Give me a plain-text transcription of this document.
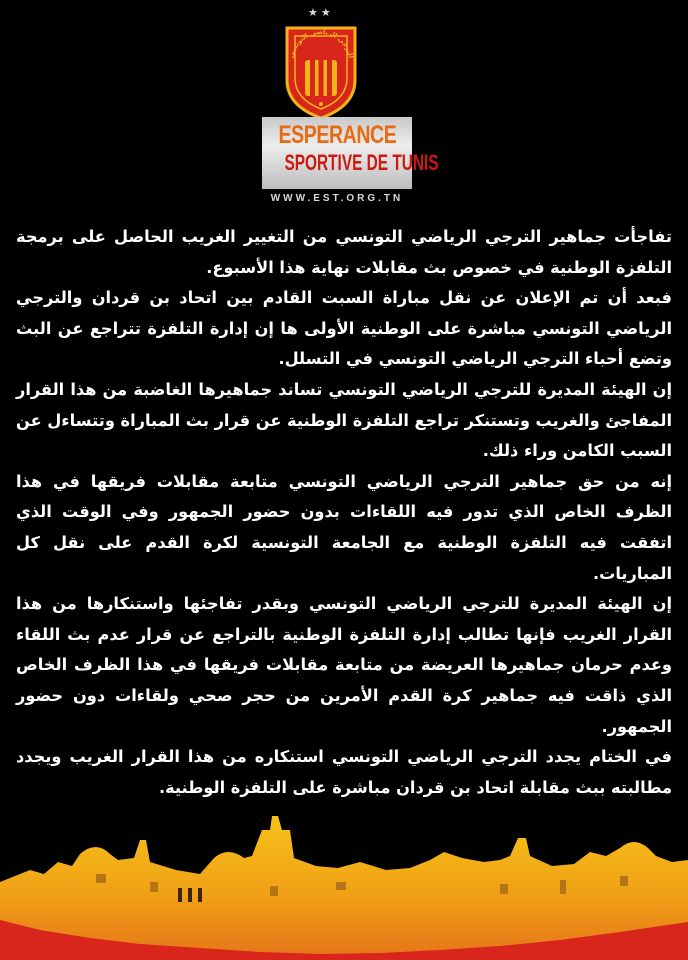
★★
الترجي الرياضي التونسي
ESPERANCE
SPORTIVE DE TUNIS
WWW.EST.ORG.TN

تفاجأت جماهير الترجي الرياضي التونسي من التغيير الغريب الحاصل على برمجة التلفزة الوطنية في خصوص بث مقابلات نهاية هذا الأسبوع.

فبعد أن تم الإعلان عن نقل مباراة السبت القادم بين اتحاد بن قردان والترجي الرياضي التونسي مباشرة على الوطنية الأولى ها إن إدارة التلفزة تتراجع عن البث وتضع أحباء الترجي الرياضي التونسي في التسلل.

إن الهيئة المديرة للترجي الرياضي التونسي تساند جماهيرها الغاضبة من هذا القرار المفاجئ والغريب وتستنكر تراجع التلفزة الوطنية عن قرار بث المباراة وتتساءل عن السبب الكامن وراء ذلك.

إنه من حق جماهير الترجي الرياضي التونسي متابعة مقابلات فريقها في هذا الظرف الخاص الذي تدور فيه اللقاءات بدون حضور الجمهور وفي الوقت الذي اتفقت فيه التلفزة الوطنية مع الجامعة التونسية لكرة القدم على نقل كل المباريات.

إن الهيئة المديرة للترجي الرياضي التونسي وبقدر تفاجئها واستنكارها من هذا القرار الغريب فإنها تطالب إدارة التلفزة الوطنية بالتراجع عن قرار عدم بث اللقاء وعدم حرمان جماهيرها العريضة من متابعة مقابلات فريقها في هذا الظرف الخاص الذي ذاقت فيه جماهير كرة القدم الأمرين من حجر صحي ولقاءات دون حضور الجمهور.

في الختام يجدد الترجي الرياضي التونسي استنكاره من هذا القرار الغريب ويجدد مطالبته ببث مقابلة اتحاد بن قردان مباشرة على التلفزة الوطنية.
